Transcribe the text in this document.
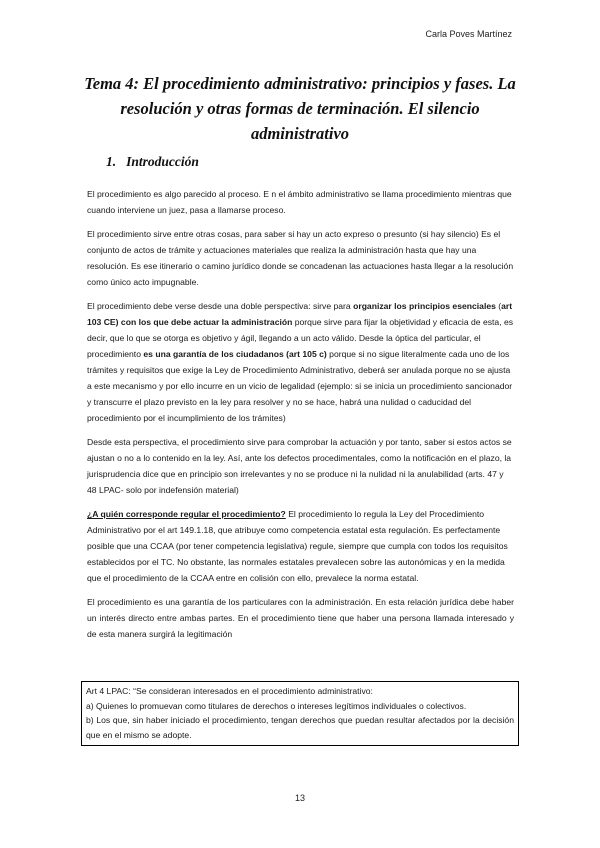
Carla Poves Martínez
Tema 4: El procedimiento administrativo: principios y fases. La resolución y otras formas de terminación. El silencio administrativo
1. Introducción

El procedimiento es algo parecido al proceso. E n el ámbito administrativo se llama procedimiento mientras que cuando interviene un juez, pasa a llamarse proceso.

El procedimiento sirve entre otras cosas, para saber si hay un acto expreso o presunto (si hay silencio) Es el conjunto de actos de trámite y actuaciones materiales que realiza la administración hasta que hay una resolución. Es ese itinerario o camino jurídico donde se concadenan las actuaciones hasta llegar a la resolución como único acto impugnable.

El procedimiento debe verse desde una doble perspectiva: sirve para organizar los principios esenciales (art 103 CE) con los que debe actuar la administración porque sirve para fijar la objetividad y eficacia de esta, es decir, que lo que se otorga es objetivo y ágil, llegando a un acto válido. Desde la óptica del particular, el procedimiento es una garantía de los ciudadanos (art 105 c) porque si no sigue literalmente cada uno de los trámites y requisitos que exige la Ley de Procedimiento Administrativo, deberá ser anulada porque no se ajusta a este mecanismo y por ello incurre en un vicio de legalidad (ejemplo: si se inicia un procedimiento sancionador y transcurre el plazo previsto en la ley para resolver y no se hace, habrá una nulidad o caducidad del procedimiento por el incumplimiento de los trámites)

Desde esta perspectiva, el procedimiento sirve para comprobar la actuación y por tanto, saber si estos actos se ajustan o no a lo contenido en la ley. Así, ante los defectos procedimentales, como la notificación en el plazo, la jurisprudencia dice que en principio son irrelevantes y no se produce ni la nulidad ni la anulabilidad (arts. 47 y 48 LPAC- solo por indefensión material)

¿A quién corresponde regular el procedimiento? El procedimiento lo regula la Ley del Procedimiento Administrativo por el art 149.1.18, que atribuye como competencia estatal esta regulación. Es perfectamente posible que una CCAA (por tener competencia legislativa) regule, siempre que cumpla con todos los requisitos establecidos por el TC. No obstante, las normales estatales prevalecen sobre las autonómicas y en la medida que el procedimiento de la CCAA entre en colisión con ello, prevalece la norma estatal.

El procedimiento es una garantía de los particulares con la administración. En esta relación jurídica debe haber un interés directo entre ambas partes. En el procedimiento tiene que haber una persona llamada interesado y de esta manera surgirá la legitimación

Art 4 LPAC: “Se consideran interesados en el procedimiento administrativo:
a) Quienes lo promuevan como titulares de derechos o intereses legítimos individuales o colectivos.
b) Los que, sin haber iniciado el procedimiento, tengan derechos que puedan resultar afectados por la decisión que en el mismo se adopte.
13
